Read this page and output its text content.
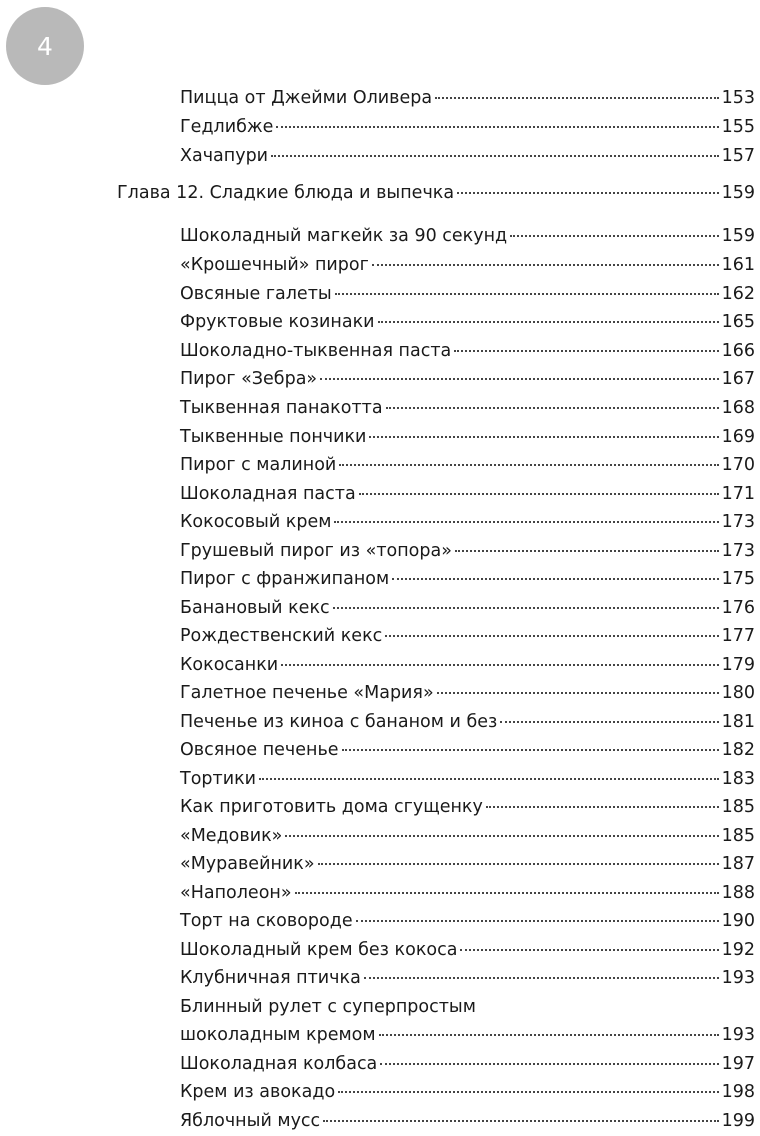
4
Пицца от Джейми Оливера	153
Гедлибже	155
Хачапури	157
Глава 12. Сладкие блюда и выпечка	159
Шоколадный магкейк за 90 секунд	159
«Крошечный» пирог	161
Овсяные галеты	162
Фруктовые козинаки	165
Шоколадно-тыквенная паста	166
Пирог «Зебра»	167
Тыквенная панакотта	168
Тыквенные пончики	169
Пирог с малиной	170
Шоколадная паста	171
Кокосовый крем	173
Грушевый пирог из «топора»	173
Пирог с франжипаном	175
Банановый кекс	176
Рождественский кекс	177
Кокосанки	179
Галетное печенье «Мария»	180
Печенье из киноа с бананом и без	181
Овсяное печенье	182
Тортики	183
Как приготовить дома сгущенку	185
«Медовик»	185
«Муравейник»	187
«Наполеон»	188
Торт на сковороде	190
Шоколадный крем без кокоса	192
Клубничная птичка	193
Блинный рулет с суперпростым
шоколадным кремом	193
Шоколадная колбаса	197
Крем из авокадо	198
Яблочный мусс	199
